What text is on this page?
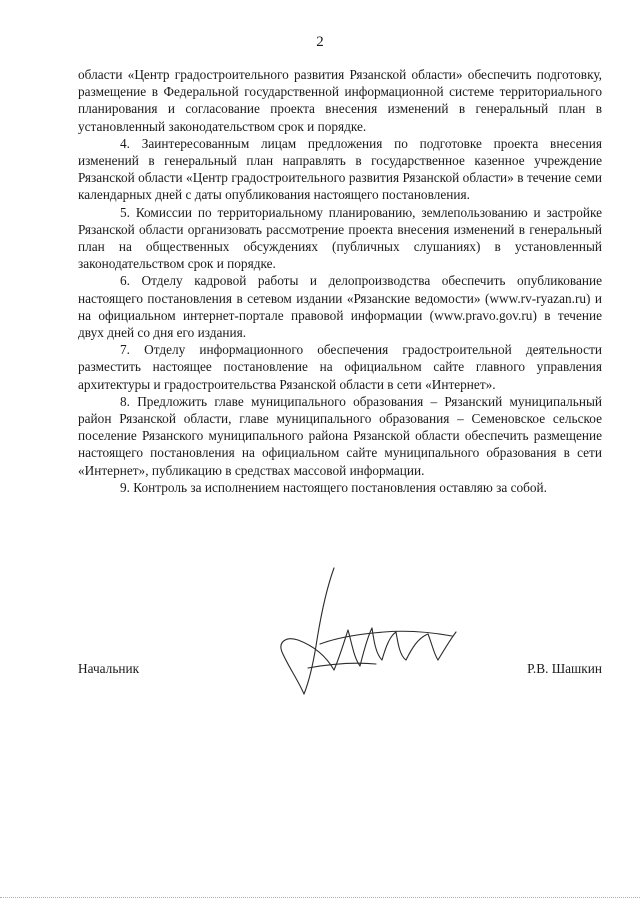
2

области «Центр градостроительного развития Рязанской области» обеспечить подготовку, размещение в Федеральной государственной информационной системе территориального планирования и согласование проекта внесения изменений в генеральный план в установленный законодательством срок и порядке.

4. Заинтересованным лицам предложения по подготовке проекта внесения изменений в генеральный план направлять в государственное казенное учреждение Рязанской области «Центр градостроительного развития Рязанской области» в течение семи календарных дней с даты опубликования настоящего постановления.

5. Комиссии по территориальному планированию, землепользованию и застройке Рязанской области организовать рассмотрение проекта внесения изменений в генеральный план на общественных обсуждениях (публичных слушаниях) в установленный законодательством срок и порядке.

6. Отделу кадровой работы и делопроизводства обеспечить опубликование настоящего постановления в сетевом издании «Рязанские ведомости» (www.rv-ryazan.ru) и на официальном интернет-портале правовой информации (www.pravo.gov.ru) в течение двух дней со дня его издания.

7. Отделу информационного обеспечения градостроительной деятельности разместить настоящее постановление на официальном сайте главного управления архитектуры и градостроительства Рязанской области в сети «Интернет».

8. Предложить главе муниципального образования – Рязанский муниципальный район Рязанской области, главе муниципального образования – Семеновское сельское поселение Рязанского муниципального района Рязанской области обеспечить размещение настоящего постановления на официальном сайте муниципального образования в сети «Интернет», публикацию в средствах массовой информации.

9. Контроль за исполнением настоящего постановления оставляю за собой.

Начальник	Р.В. Шашкин
